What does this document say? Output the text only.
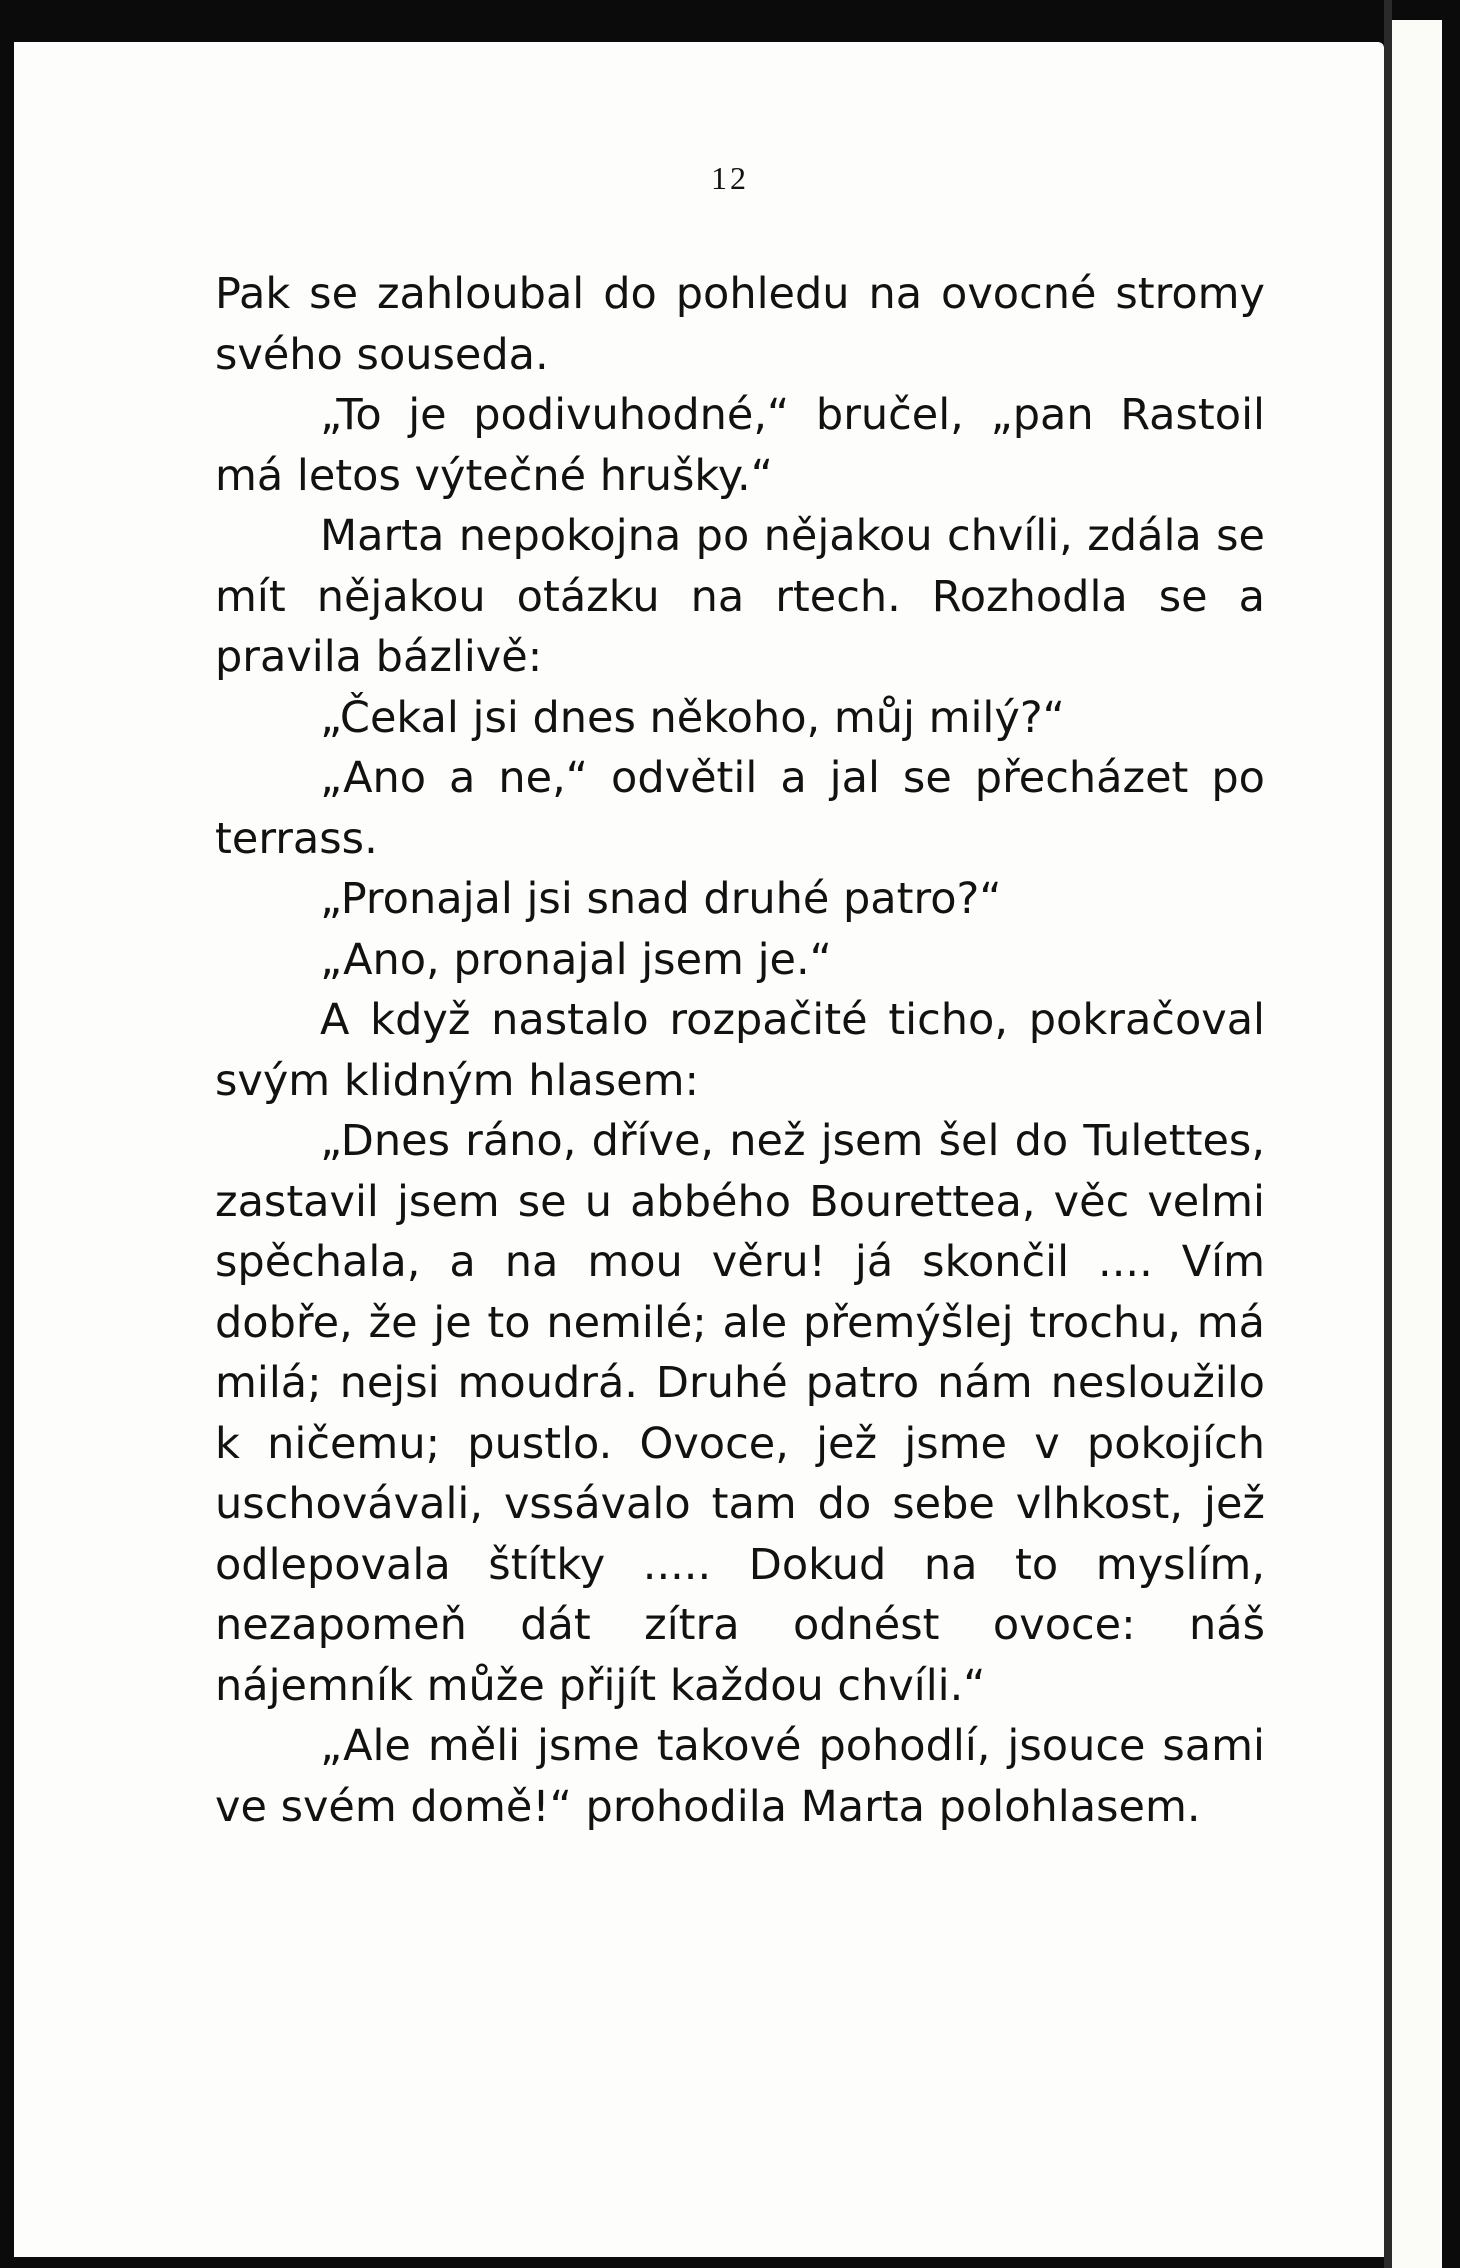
12

Pak se zahloubal do pohledu na ovocné stromy svého souseda.

„To je podivuhodné,“ bručel, „pan Rastoil má letos výtečné hrušky.“

Marta nepokojna po nějakou chvíli, zdála se mít nějakou otázku na rtech. Rozhodla se a pravila bázlivě:

„Čekal jsi dnes někoho, můj milý?“

„Ano a ne,“ odvětil a jal se přecházet po terrass.

„Pronajal jsi snad druhé patro?“

„Ano, pronajal jsem je.“

A když nastalo rozpačité ticho, pokračoval svým klidným hlasem:

„Dnes ráno, dříve, než jsem šel do Tulettes, zastavil jsem se u abbého Bourettea, věc velmi spěchala, a na mou věru! já skončil .... Vím dobře, že je to nemilé; ale přemýšlej trochu, má milá; nejsi moudrá. Druhé patro nám nesloužilo k ničemu; pustlo. Ovoce, jež jsme v pokojích uschovávali, vssávalo tam do sebe vlhkost, jež odlepovala štítky ..... Dokud na to myslím, nezapomeň dát zítra odnést ovoce: náš nájemník může přijít každou chvíli.“

„Ale měli jsme takové pohodlí, jsouce sami ve svém domě!“ prohodila Marta polohlasem.
